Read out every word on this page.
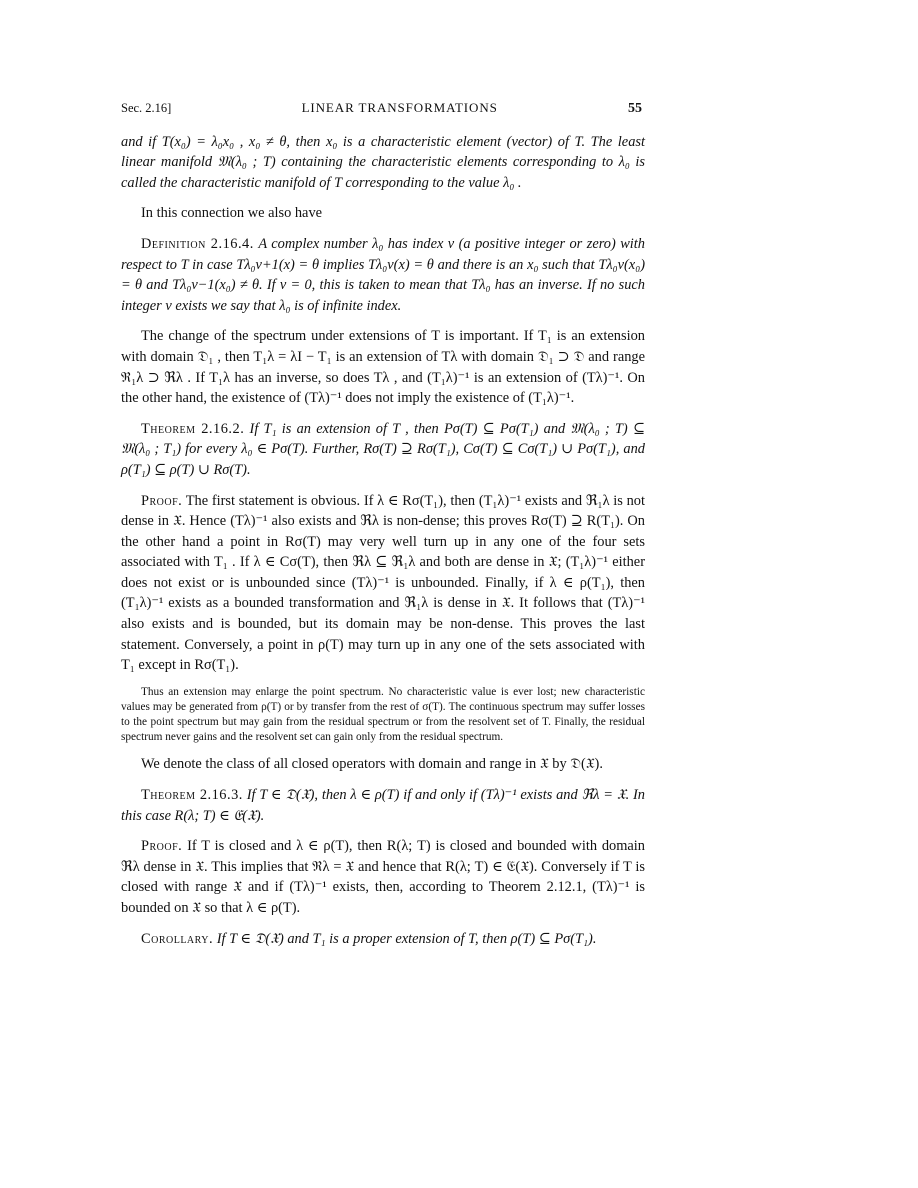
Sec. 2.16]	LINEAR TRANSFORMATIONS	55

and if T(x₀) = λ₀x₀ , x₀ ≠ θ, then x₀ is a characteristic element (vector) of T. The least linear manifold 𝔐(λ₀ ; T) containing the characteristic elements corresponding to λ₀ is called the characteristic manifold of T corresponding to the value λ₀ .

In this connection we also have

Definition 2.16.4. A complex number λ₀ has index ν (a positive integer or zero) with respect to T in case Tλ₀ν+1(x) = θ implies Tλ₀ν(x) = θ and there is an x₀ such that Tλ₀ν(x₀) = θ and Tλ₀ν−1(x₀) ≠ θ. If ν = 0, this is taken to mean that Tλ₀ has an inverse. If no such integer ν exists we say that λ₀ is of infinite index.

The change of the spectrum under extensions of T is important. If T₁ is an extension with domain 𝔇₁ , then T₁λ = λI − T₁ is an extension of Tλ with domain 𝔇₁ ⊃ 𝔇 and range ℜ₁λ ⊃ ℜλ . If T₁λ has an inverse, so does Tλ , and (T₁λ)⁻¹ is an extension of (Tλ)⁻¹. On the other hand, the existence of (Tλ)⁻¹ does not imply the existence of (T₁λ)⁻¹.

Theorem 2.16.2. If T₁ is an extension of T , then Pσ(T) ⊆ Pσ(T₁) and 𝔐(λ₀ ; T) ⊆ 𝔐(λ₀ ; T₁) for every λ₀ ∈ Pσ(T). Further, Rσ(T) ⊇ Rσ(T₁), Cσ(T) ⊆ Cσ(T₁) ∪ Pσ(T₁), and ρ(T₁) ⊆ ρ(T) ∪ Rσ(T).

Proof. The first statement is obvious. If λ ∈ Rσ(T₁), then (T₁λ)⁻¹ exists and ℜ₁λ is not dense in 𝔛. Hence (Tλ)⁻¹ also exists and ℜλ is non-dense; this proves Rσ(T) ⊇ R(T₁). On the other hand a point in Rσ(T) may very well turn up in any one of the four sets associated with T₁ . If λ ∈ Cσ(T), then ℜλ ⊆ ℜ₁λ and both are dense in 𝔛; (T₁λ)⁻¹ either does not exist or is unbounded since (Tλ)⁻¹ is unbounded. Finally, if λ ∈ ρ(T₁), then (T₁λ)⁻¹ exists as a bounded transformation and ℜ₁λ is dense in 𝔛. It follows that (Tλ)⁻¹ also exists and is bounded, but its domain may be non-dense. This proves the last statement. Conversely, a point in ρ(T) may turn up in any one of the sets associated with T₁ except in Rσ(T₁).

Thus an extension may enlarge the point spectrum. No characteristic value is ever lost; new characteristic values may be generated from ρ(T) or by transfer from the rest of σ(T). The continuous spectrum may suffer losses to the point spectrum but may gain from the residual spectrum or from the resolvent set of T. Finally, the residual spectrum never gains and the resolvent set can gain only from the residual spectrum.

We denote the class of all closed operators with domain and range in 𝔛 by 𝔇(𝔛).

Theorem 2.16.3. If T ∈ 𝔇(𝔛), then λ ∈ ρ(T) if and only if (Tλ)⁻¹ exists and ℜλ = 𝔛. In this case R(λ; T) ∈ 𝔈(𝔛).

Proof. If T is closed and λ ∈ ρ(T), then R(λ; T) is closed and bounded with domain ℜλ dense in 𝔛. This implies that ℜλ = 𝔛 and hence that R(λ; T) ∈ 𝔈(𝔛). Conversely if T is closed with range 𝔛 and if (Tλ)⁻¹ exists, then, according to Theorem 2.12.1, (Tλ)⁻¹ is bounded on 𝔛 so that λ ∈ ρ(T).

Corollary. If T ∈ 𝔇(𝔛) and T₁ is a proper extension of T, then ρ(T) ⊆ Pσ(T₁).
